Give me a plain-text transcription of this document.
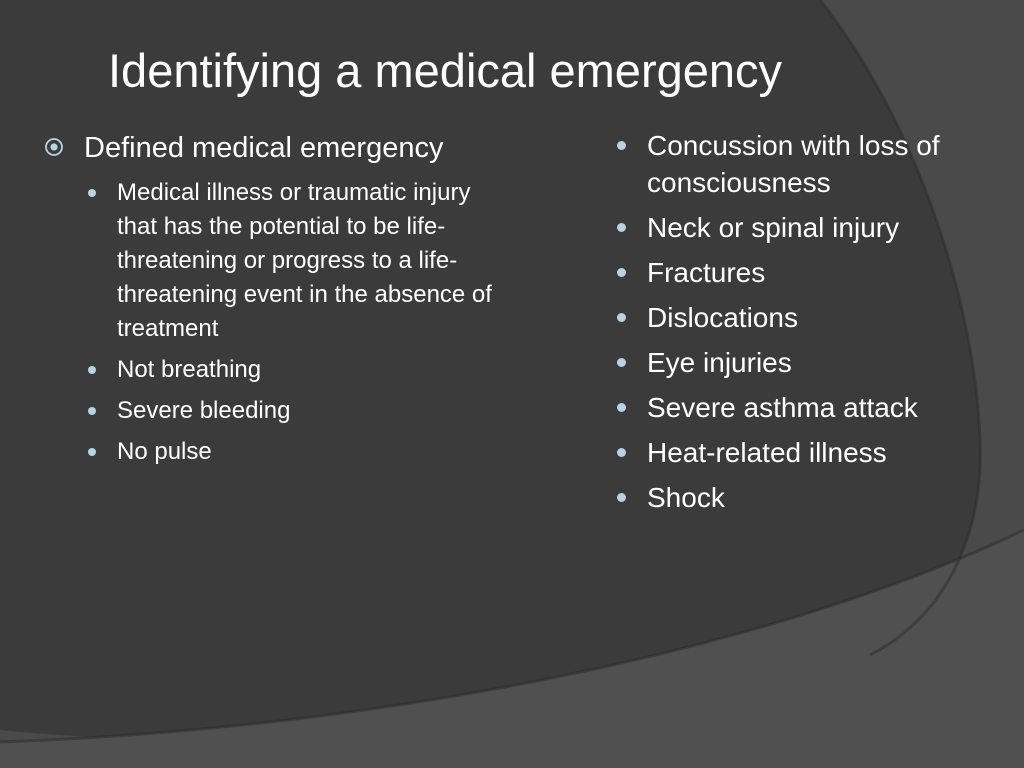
Identifying a medical emergency
Defined medical emergency
Medical illness or traumatic injury that has the potential to be life-threatening or progress to a life-threatening event in the absence of treatment
Not breathing
Severe bleeding
No pulse
Concussion with loss of consciousness
Neck or spinal injury
Fractures
Dislocations
Eye injuries
Severe asthma attack
Heat-related illness
Shock
